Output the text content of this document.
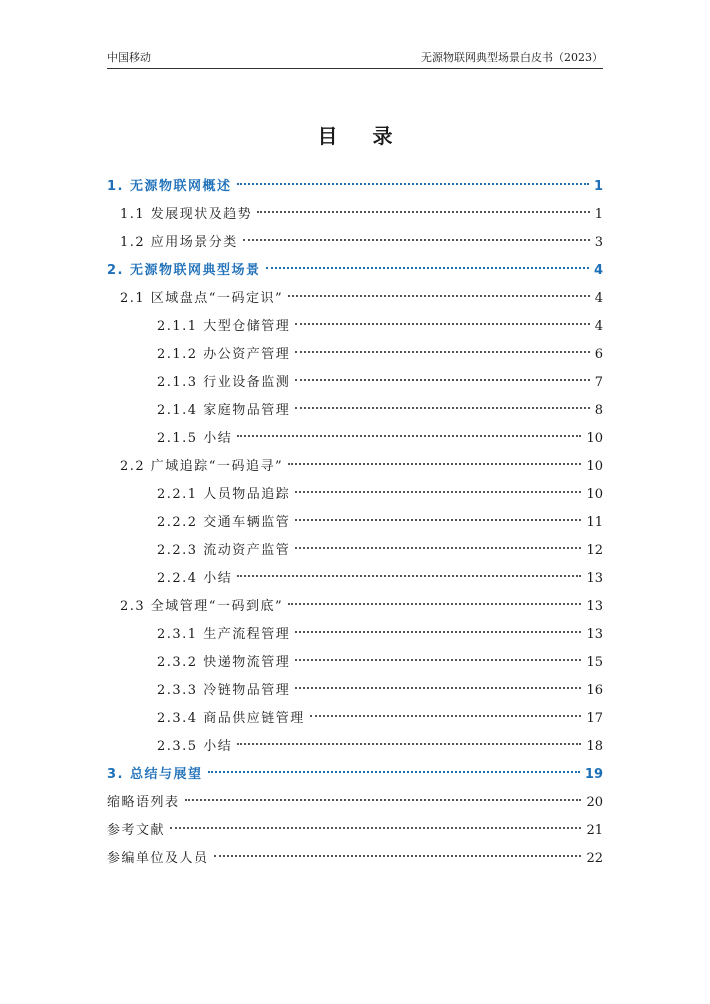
中国移动	无源物联网典型场景白皮书（2023）
目 录
1. 无源物联网概述	1
1.1 发展现状及趋势	1
1.2 应用场景分类	3
2. 无源物联网典型场景	4
2.1 区域盘点“一码定识”	4
2.1.1 大型仓储管理	4
2.1.2 办公资产管理	6
2.1.3 行业设备监测	7
2.1.4 家庭物品管理	8
2.1.5 小结	10
2.2 广域追踪“一码追寻”	10
2.2.1 人员物品追踪	10
2.2.2 交通车辆监管	11
2.2.3 流动资产监管	12
2.2.4 小结	13
2.3 全域管理“一码到底”	13
2.3.1 生产流程管理	13
2.3.2 快递物流管理	15
2.3.3 冷链物品管理	16
2.3.4 商品供应链管理	17
2.3.5 小结	18
3. 总结与展望	19
缩略语列表	20
参考文献	21
参编单位及人员	22
